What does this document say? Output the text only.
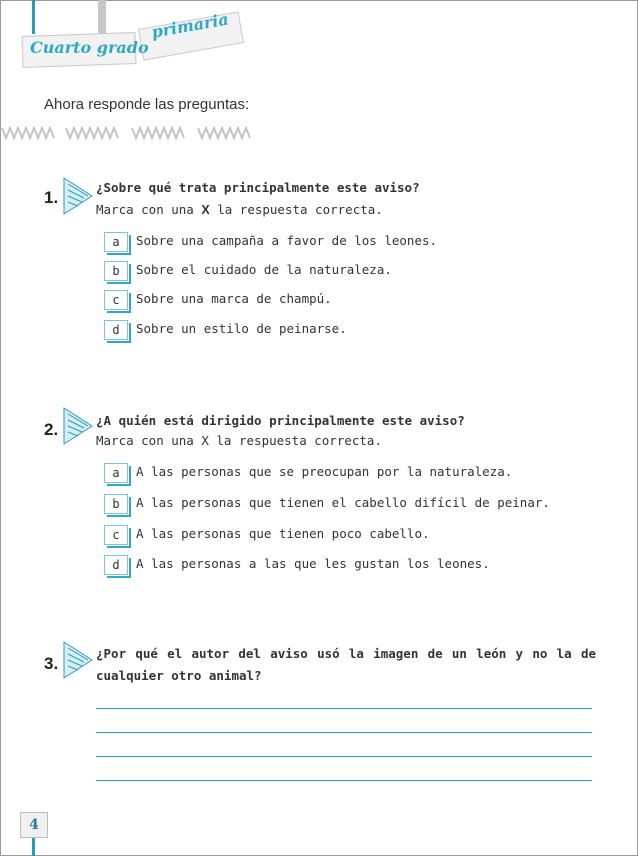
Cuarto grado
primaria
Ahora responde las preguntas:
1.
¿Sobre qué trata principalmente este aviso?
Marca con una X la respuesta correcta.
a	Sobre una campaña a favor de los leones.
b	Sobre el cuidado de la naturaleza.
c	Sobre una marca de champú.
d	Sobre un estilo de peinarse.
2.	¿A quién está dirigido principalmente este aviso?
Marca con una X la respuesta correcta.
a	A las personas que se preocupan por la naturaleza.
b	A las personas que tienen el cabello difícil de peinar.
c	A las personas que tienen poco cabello.
d	A las personas a las que les gustan los leones.
3.
¿Por qué el autor del aviso usó la imagen de un león y no la de cualquier otro animal?
4
